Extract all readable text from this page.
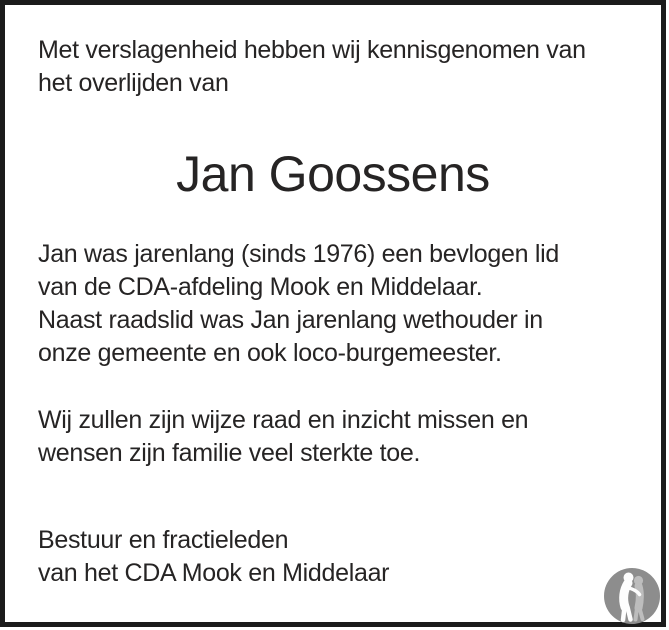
Met verslagenheid hebben wij kennisgenomen van
het overlijden van

Jan Goossens

Jan was jarenlang (sinds 1976) een bevlogen lid
van de CDA-afdeling Mook en Middelaar.
Naast raadslid was Jan jarenlang wethouder in
onze gemeente en ook loco-burgemeester.

Wij zullen zijn wijze raad en inzicht missen en
wensen zijn familie veel sterkte toe.

Bestuur en fractieleden
van het CDA Mook en Middelaar
